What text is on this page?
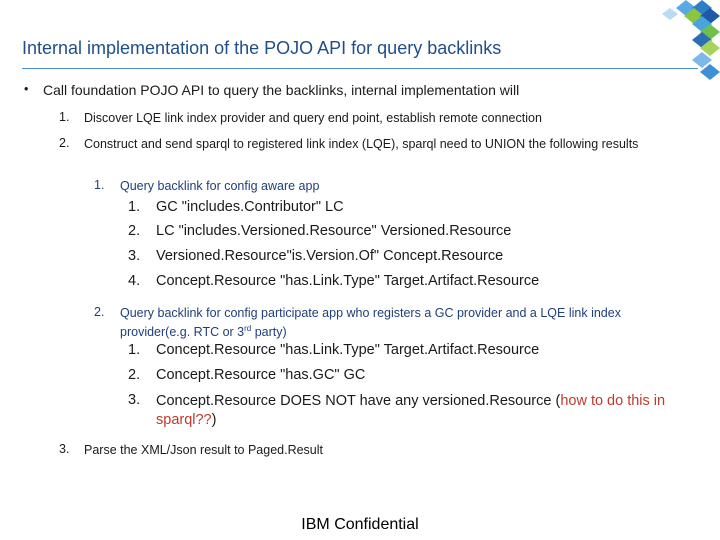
Internal implementation of the POJO API for query backlinks
• Call foundation POJO API to query the backlinks, internal implementation will
1. Discover LQE link index provider and query end point, establish remote connection
2. Construct and send sparql to registered link index (LQE), sparql need to UNION the following results
1. Query backlink for config aware app
1. GC "includes.Contributor" LC
2. LC "includes.Versioned.Resource" Versioned.Resource
3. Versioned.Resource"is.Version.Of" Concept.Resource
4. Concept.Resource "has.Link.Type" Target.Artifact.Resource
2. Query backlink for config participate app who registers a GC provider and a LQE link index provider(e.g. RTC or 3rd party)
1. Concept.Resource "has.Link.Type" Target.Artifact.Resource
2. Concept.Resource "has.GC" GC
3. Concept.Resource DOES NOT have any versioned.Resource (how to do this in sparql??)
3. Parse the XML/Json result to Paged.Result
IBM Confidential
